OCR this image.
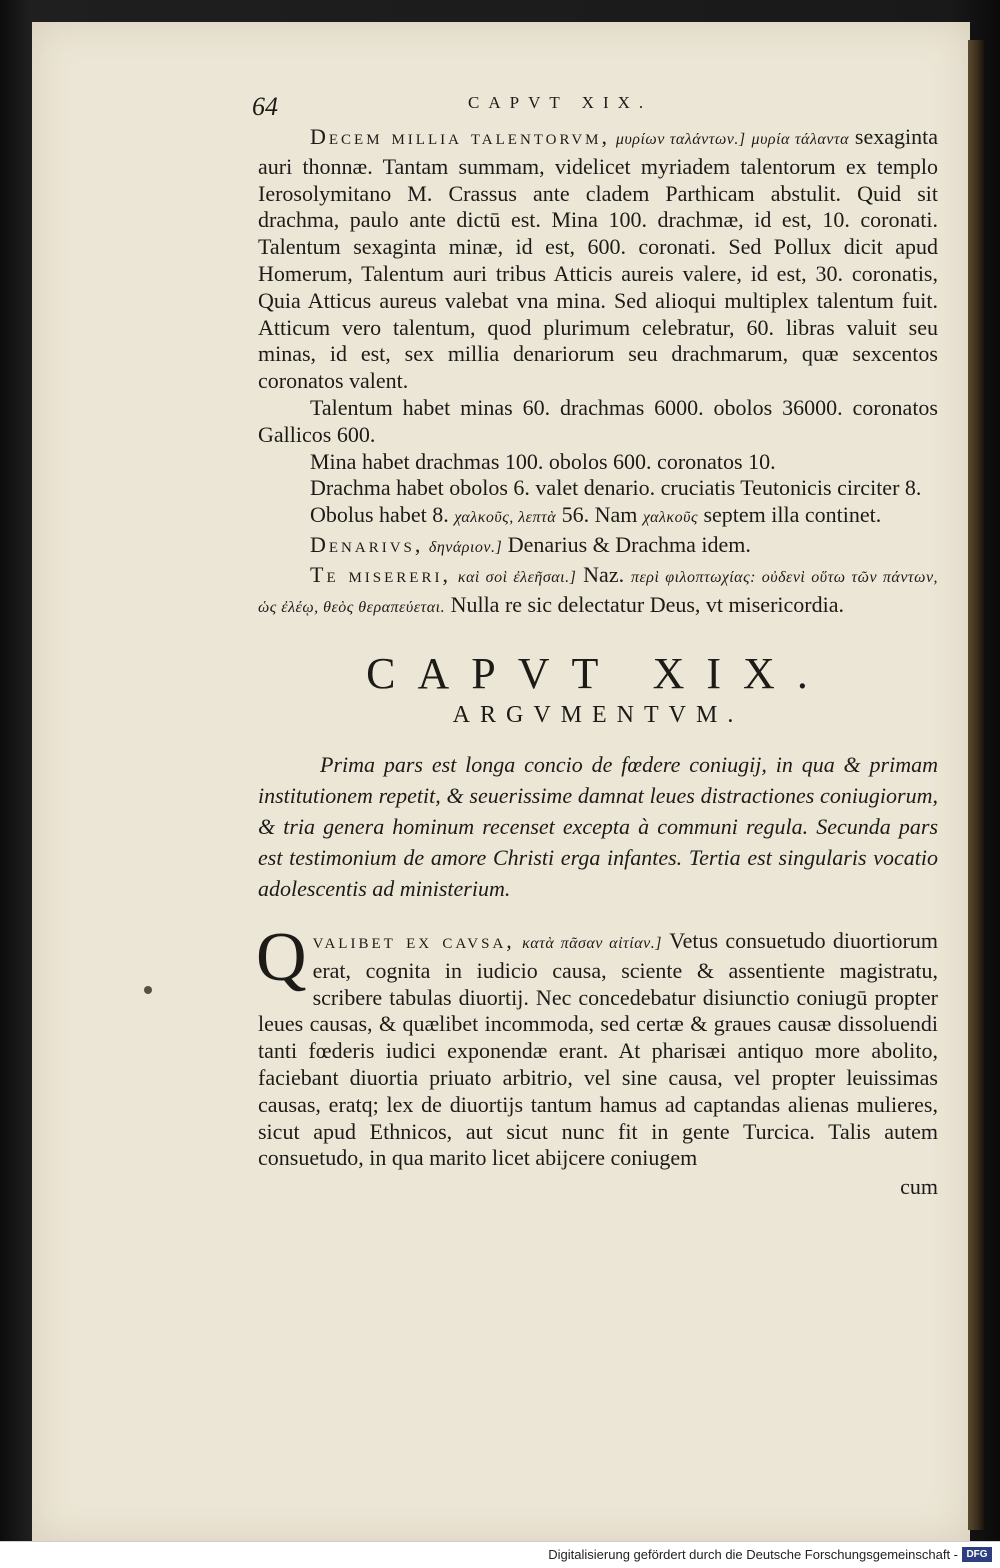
64	CAPVT XIX.

Decem millia talentorvm, μυρίων ταλάντων.] μυρία τάλαντα sexaginta auri thonnæ. Tantam summam, videlicet myriadem talentorum ex templo Ierosolymitano M. Crassus ante cladem Parthicam abstulit. Quid sit drachma, paulo ante dictū est. Mina 100. drachmæ, id est, 10. coronati. Talentum sexaginta minæ, id est, 600. coronati. Sed Pollux dicit apud Homerum, Talentum auri tribus Atticis aureis valere, id est, 30. coronatis, Quia Atticus aureus valebat vna mina. Sed alioqui multiplex talentum fuit. Atticum vero talentum, quod plurimum celebratur, 60. libras valuit seu minas, id est, sex millia denariorum seu drachmarum, quæ sexcentos coronatos valent.

Talentum habet minas 60. drachmas 6000. obolos 36000. coronatos Gallicos 600.

Mina habet drachmas 100. obolos 600. coronatos 10.

Drachma habet obolos 6. valet denario. cruciatis Teutonicis circiter 8.

Obolus habet 8. χαλκοῦς, λεπτὰ 56. Nam χαλκοῦς septem illa continet.

Denarivs, δηνάριον.] Denarius & Drachma idem.

Te misereri, καὶ σοὶ ἐλεῆσαι.] Naz. περὶ φιλοπτωχίας: οὐδενὶ οὕτω τῶν πάντων, ὡς ἐλέῳ, θεὸς θεραπεύεται. Nulla re sic delectatur Deus, vt misericordia.

CAPVT XIX.
ARGVMENTVM.

Prima pars est longa concio de fœdere coniugij, in qua & primam institutionem repetit, & seuerissime damnat leues distractiones coniugiorum, & tria genera hominum recenset excepta à communi regula. Secunda pars est testimonium de amore Christi erga infantes. Tertia est singularis vocatio adolescentis ad ministerium.

Q valibet ex cavsa, κατὰ πᾶσαν αἰτίαν.] Vetus consuetudo diuortiorum erat, cognita in iudicio causa, sciente & assentiente magistratu, scribere tabulas diuortij. Nec concedebatur disiunctio coniugū propter leues causas, & quælibet incommoda, sed certæ & graues causæ dissoluendi tanti fœderis iudici exponendæ erant. At pharisæi antiquo more abolito, faciebant diuortia priuato arbitrio, vel sine causa, vel propter leuissimas causas, eratq; lex de diuortijs tantum hamus ad captandas alienas mulieres, sicut apud Ethnicos, aut sicut nunc fit in gente Turcica. Talis autem consuetudo, in qua marito licet abijcere coniugem

cum
Digitalisierung gefördert durch die Deutsche Forschungsgemeinschaft - DFG
